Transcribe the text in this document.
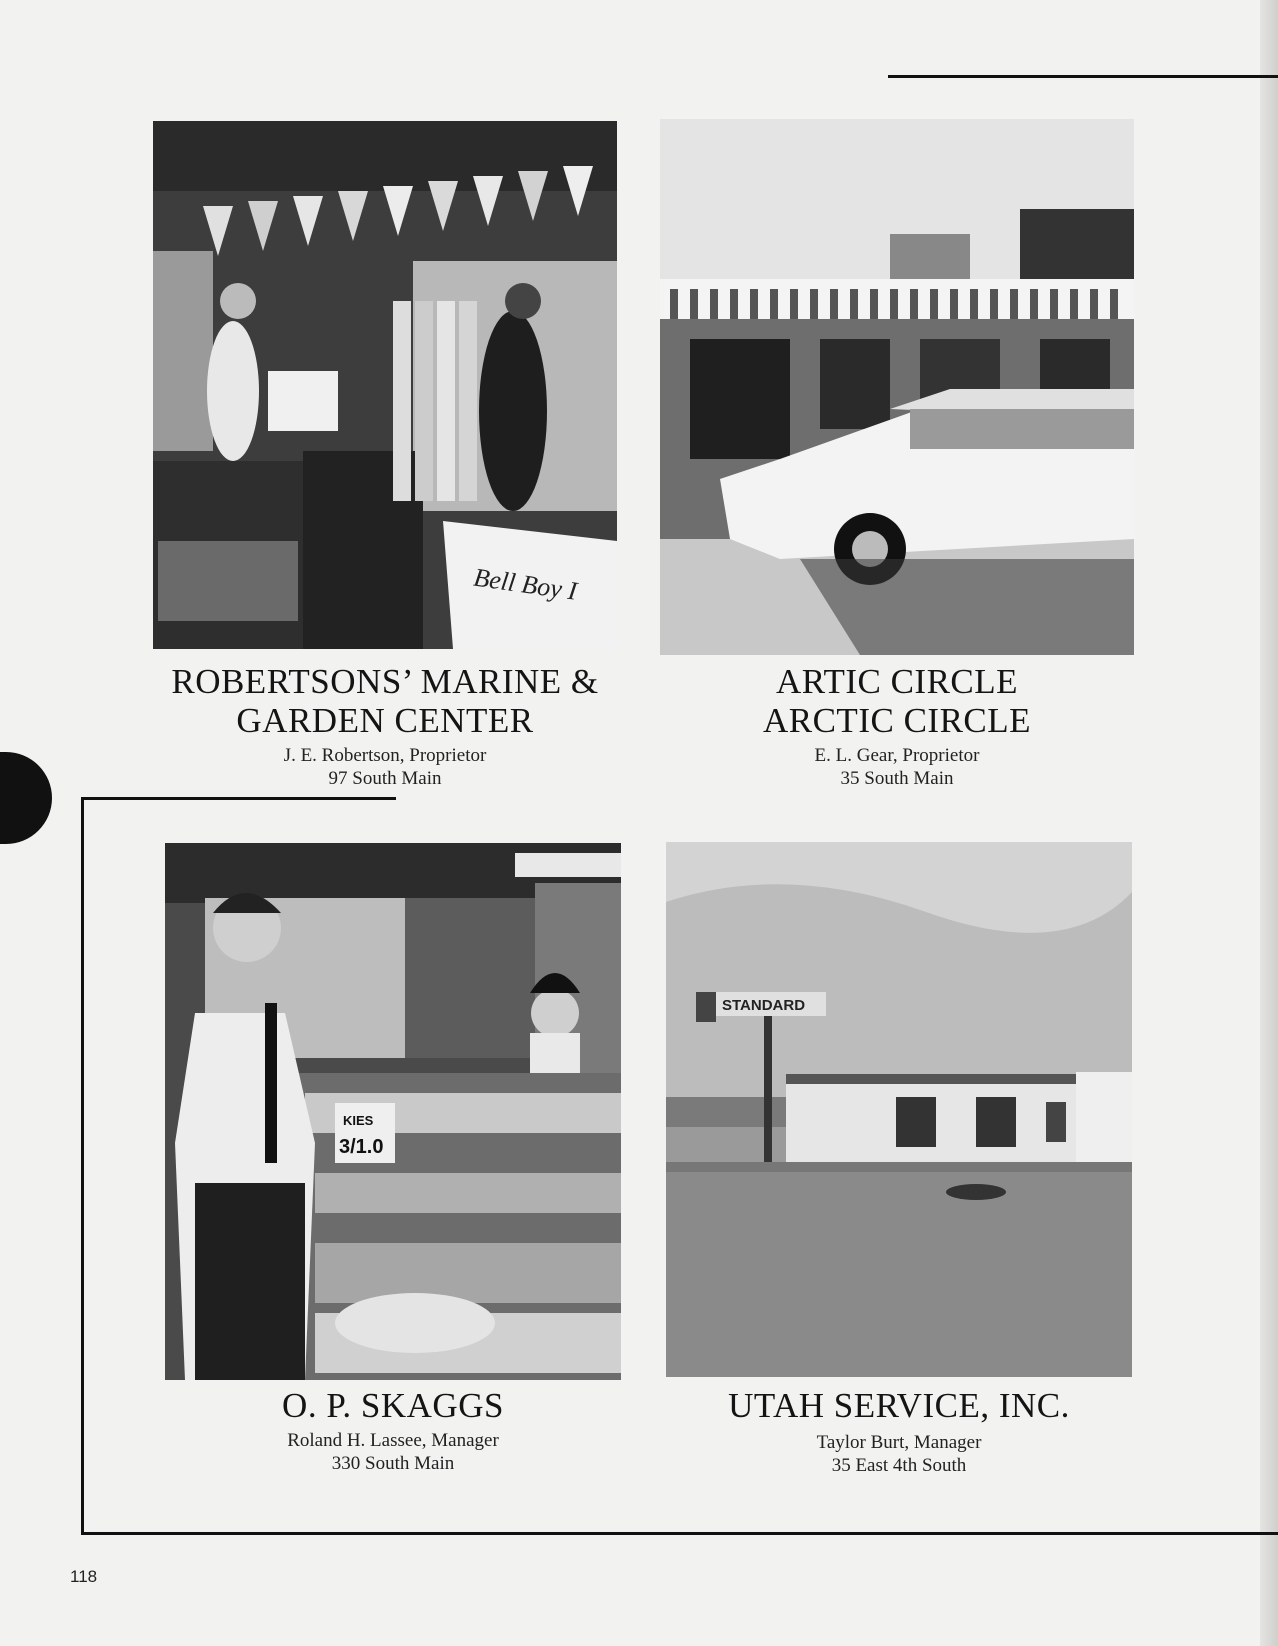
Bell Boy I
KIES
3/1.0
STANDARD
ROBERTSONS’ MARINE &
GARDEN CENTER
J. E. Robertson, Proprietor
97 South Main
ARTIC CIRCLE
ARCTIC CIRCLE
E. L. Gear, Proprietor
35 South Main
O. P. SKAGGS
Roland H. Lassee, Manager
330 South Main
UTAH SERVICE, INC.
Taylor Burt, Manager
35 East 4th South
118
